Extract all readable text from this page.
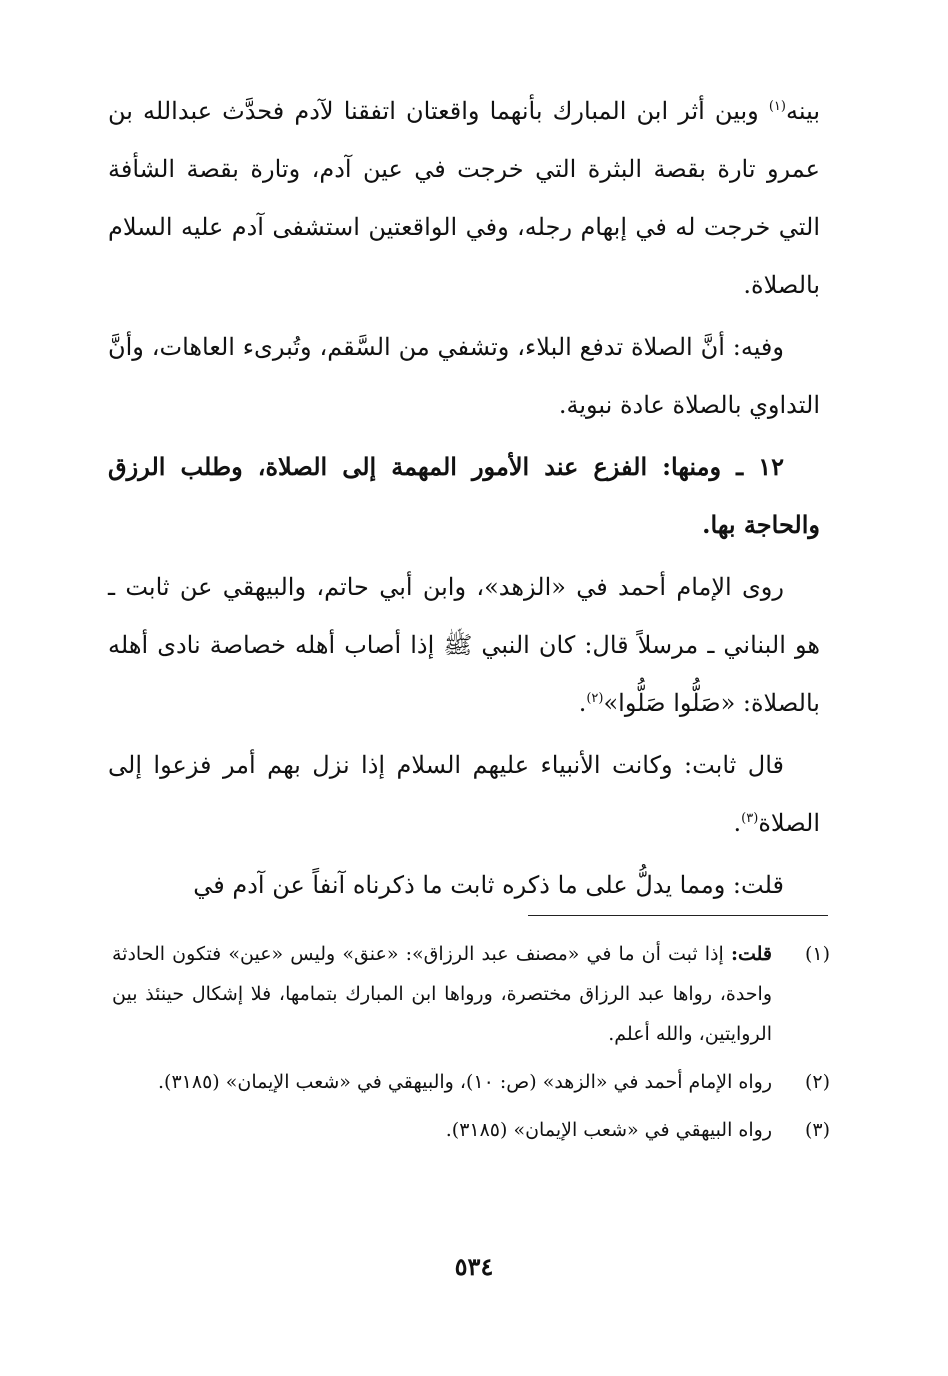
بينه$^{(١)}$ وبين أثر ابن المبارك بأنهما واقعتان اتفقنا لآدم فحدَّث عبدالله بن عمرو تارة بقصة البثرة التي خرجت في عين آدم، وتارة بقصة الشأفة التي خرجت له في إبهام رجله، وفي الواقعتين استشفى آدم عليه السلام بالصلاة.

وفيه: أنَّ الصلاة تدفع البلاء، وتشفي من السَّقم، وتُبرىء العاهات، وأنَّ التداوي بالصلاة عادة نبوية.

١٢ ـ ومنها: الفزع عند الأمور المهمة إلى الصلاة، وطلب الرزق والحاجة بها.

روى الإمام أحمد في «الزهد»، وابن أبي حاتم، والبيهقي عن ثابت ـ هو البناني ـ مرسلاً قال: كان النبي ﷺ إذا أصاب أهله خصاصة نادى أهله بالصلاة: «صَلُّوا صَلُّوا»$^{(٢)}$.

قال ثابت: وكانت الأنبياء عليهم السلام إذا نزل بهم أمر فزعوا إلى الصلاة$^{(٣)}$.

قلت: ومما يدلُّ على ما ذكره ثابت ما ذكرناه آنفاً عن آدم في

(١)
قلت: إذا ثبت أن ما في «مصنف عبد الرزاق»: «عنق» وليس «عين» فتكون الحادثة واحدة، رواها عبد الرزاق مختصرة، ورواها ابن المبارك بتمامها، فلا إشكال حينئذ بين الروايتين، والله أعلم.
(٢)
رواه الإمام أحمد في «الزهد» (ص: ١٠)، والبيهقي في «شعب الإيمان» (٣١٨٥).
(٣)
رواه البيهقي في «شعب الإيمان» (٣١٨٥).
٥٣٤
